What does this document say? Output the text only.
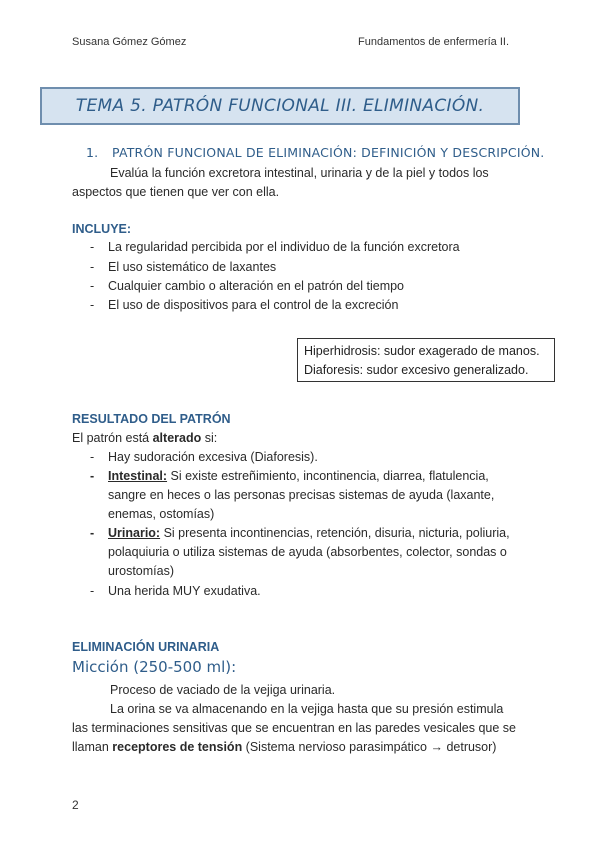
Susana Gómez Gómez	Fundamentos de enfermería II.
TEMA 5. PATRÓN FUNCIONAL III. ELIMINACIÓN.
1. PATRÓN FUNCIONAL DE ELIMINACIÓN: DEFINICIÓN Y DESCRIPCIÓN.
Evalúa la función excretora intestinal, urinaria y de la piel y todos los
aspectos que tienen que ver con ella.
INCLUYE:
-	La regularidad percibida por el individuo de la función excretora
-	El uso sistemático de laxantes
-	Cualquier cambio o alteración en el patrón del tiempo
-	El uso de dispositivos para el control de la excreción
Hiperhidrosis: sudor exagerado de manos.
Diaforesis: sudor excesivo generalizado.
RESULTADO DEL PATRÓN
El patrón está alterado si:
-	Hay sudoración excesiva (Diaforesis).
-	Intestinal: Si existe estreñimiento, incontinencia, diarrea, flatulencia, sangre en heces o las personas precisas sistemas de ayuda (laxante, enemas, ostomías)
-	Urinario: Si presenta incontinencias, retención, disuria, nicturia, poliuria, polaquiuria o utiliza sistemas de ayuda (absorbentes, colector, sondas o urostomías)
-	Una herida MUY exudativa.
ELIMINACIÓN URINARIA
Micción (250-500 ml):
Proceso de vaciado de la vejiga urinaria.
La orina se va almacenando en la vejiga hasta que su presión estimula
las terminaciones sensitivas que se encuentran en las paredes vesicales que se
llaman receptores de tensión (Sistema nervioso parasimpático → detrusor)
2
